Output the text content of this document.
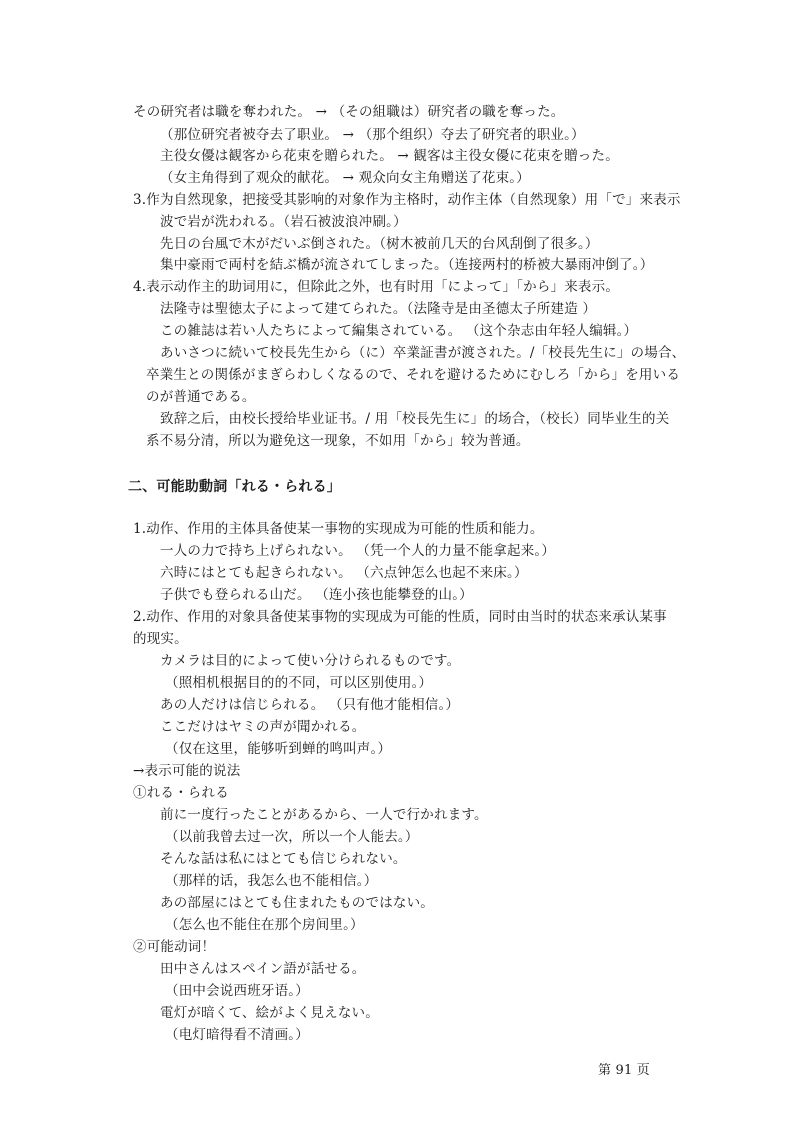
その研究者は職を奪われた。 → （その組職は）研究者の職を奪った。
（那位研究者被夺去了职业。 → （那个组织）夺去了研究者的职业。）
主役女優は観客から花束を贈られた。 → 観客は主役女優に花束を贈った。
（女主角得到了观众的献花。 → 观众向女主角赠送了花束。）
3.作为自然现象，把接受其影响的对象作为主格时，动作主体（自然现象）用「で」来表示
波で岩が洗われる。（岩石被波浪冲刷。）
先日の台風で木がだいぶ倒された。（树木被前几天的台风刮倒了很多。）
集中豪雨で両村を結ぶ橋が流されてしまった。（连接两村的桥被大暴雨冲倒了。）
4.表示动作主的助词用に，但除此之外，也有时用「によって」「から」来表示。
法隆寺は聖徳太子によって建てられた。（法隆寺是由圣德太子所建造 ）
この雑誌は若い人たちによって編集されている。 （这个杂志由年轻人编辑。）
あいさつに続いて校長先生から（に）卒業証書が渡された。/「校長先生に」の場合、
卒業生との関係がまぎらわしくなるので、それを避けるためにむしろ「から」を用いる
のが普通である。
致辞之后，由校长授给毕业证书。/ 用「校長先生に」的场合，（校长）同毕业生的关
系不易分清，所以为避免这一现象，不如用「から」较为普通。
二、可能助動詞「れる・られる」
1.动作、作用的主体具备使某一事物的实现成为可能的性质和能力。
一人の力で持ち上げられない。 （凭一个人的力量不能拿起来。）
六時にはとても起きられない。 （六点钟怎么也起不来床。）
子供でも登られる山だ。 （连小孩也能攀登的山。）
2.动作、作用的对象具备使某事物的实现成为可能的性质，同时由当时的状态来承认某事
的现实。
カメラは目的によって使い分けられるものです。
（照相机根据目的的不同，可以区别使用。）
あの人だけは信じられる。 （只有他才能相信。）
ここだけはヤミの声が聞かれる。
（仅在这里，能够听到蝉的鸣叫声。）
→表示可能的说法
①れる・られる
前に一度行ったことがあるから、一人で行かれます。
（以前我曾去过一次，所以一个人能去。）
そんな話は私にはとても信じられない。
（那样的话，我怎么也不能相信。）
あの部屋にはとても住まれたものではない。
（怎么也不能住在那个房间里。）
②可能动词！
田中さんはスペイン語が話せる。
（田中会说西班牙语。）
電灯が暗くて、絵がよく見えない。
（电灯暗得看不清画。）
第 91 页
